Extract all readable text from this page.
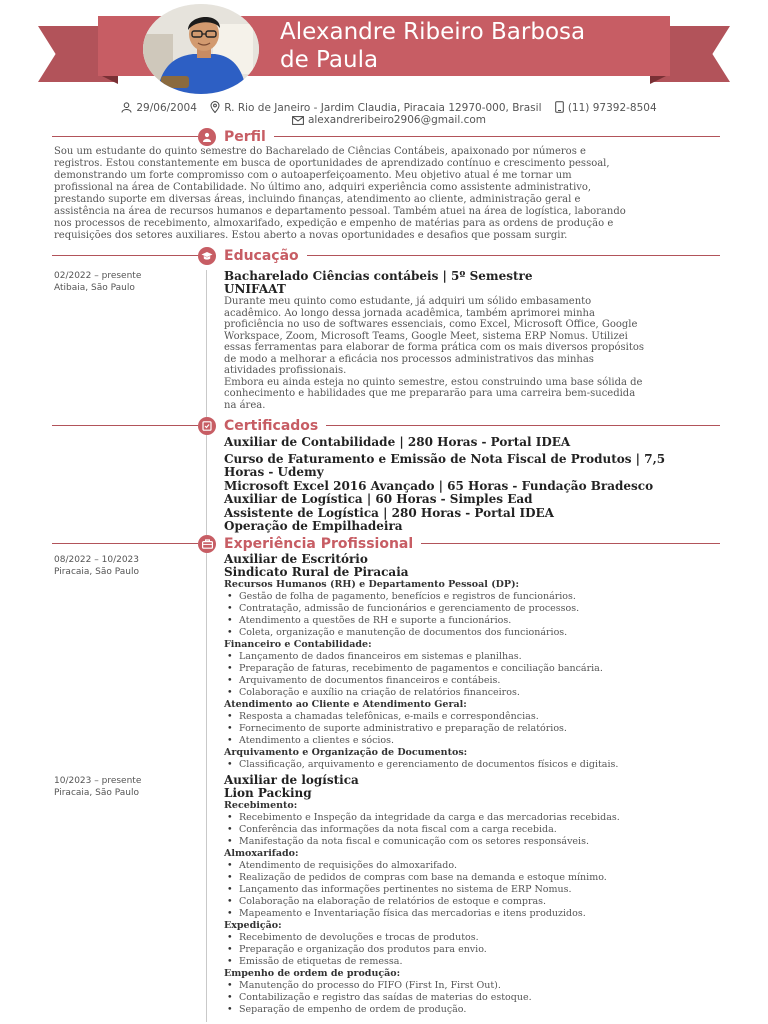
Alexandre Ribeiro Barbosa
de Paula
29/06/2004	R. Rio de Janeiro - Jardim Claudia, Piracaia 12970-000, Brasil	(11) 97392-8504
alexandreribeiro2906@gmail.com
Perfil
Sou um estudante do quinto semestre do Bacharelado de Ciências Contábeis, apaixonado por números e
registros. Estou constantemente em busca de oportunidades de aprendizado contínuo e crescimento pessoal,
demonstrando um forte compromisso com o autoaperfeiçoamento. Meu objetivo atual é me tornar um
profissional na área de Contabilidade. No último ano, adquiri experiência como assistente administrativo,
prestando suporte em diversas áreas, incluindo finanças, atendimento ao cliente, administração geral e
assistência na área de recursos humanos e departamento pessoal. Também atuei na área de logística, laborando
nos processos de recebimento, almoxarifado, expedição e empenho de matérias para as ordens de produção e
requisições dos setores auxiliares. Estou aberto a novas oportunidades e desafios que possam surgir.
Educação
02/2022 – presente
Atibaia, São Paulo
Bacharelado Ciências contábeis | 5º Semestre
UNIFAAT
Durante meu quinto como estudante, já adquiri um sólido embasamento
acadêmico. Ao longo dessa jornada acadêmica, também aprimorei minha
proficiência no uso de softwares essenciais, como Excel, Microsoft Office, Google
Workspace, Zoom, Microsoft Teams, Google Meet, sistema ERP Nomus. Utilizei
essas ferramentas para elaborar de forma prática com os mais diversos propósitos
de modo a melhorar a eficácia nos processos administrativos das minhas
atividades profissionais.
Embora eu ainda esteja no quinto semestre, estou construindo uma base sólida de
conhecimento e habilidades que me prepararão para uma carreira bem-sucedida
na área.
Certificados
Auxiliar de Contabilidade | 280 Horas - Portal IDEA
Curso de Faturamento e Emissão de Nota Fiscal de Produtos | 7,5
Horas - Udemy
Microsoft Excel 2016 Avançado | 65 Horas - Fundação Bradesco
Auxiliar de Logística | 60 Horas - Simples Ead
Assistente de Logística | 280 Horas - Portal IDEA
Operação de Empilhadeira
Experiência Profissional
08/2022 – 10/2023
Piracaia, São Paulo
Auxiliar de Escritório
Sindicato Rural de Piracaia
Recursos Humanos (RH) e Departamento Pessoal (DP):
• Gestão de folha de pagamento, benefícios e registros de funcionários.
• Contratação, admissão de funcionários e gerenciamento de processos.
• Atendimento a questões de RH e suporte a funcionários.
• Coleta, organização e manutenção de documentos dos funcionários.
Financeiro e Contabilidade:
• Lançamento de dados financeiros em sistemas e planilhas.
• Preparação de faturas, recebimento de pagamentos e conciliação bancária.
• Arquivamento de documentos financeiros e contábeis.
• Colaboração e auxílio na criação de relatórios financeiros.
Atendimento ao Cliente e Atendimento Geral:
• Resposta a chamadas telefônicas, e-mails e correspondências.
• Fornecimento de suporte administrativo e preparação de relatórios.
• Atendimento a clientes e sócios.
Arquivamento e Organização de Documentos:
• Classificação, arquivamento e gerenciamento de documentos físicos e digitais.
10/2023 – presente
Piracaia, São Paulo
Auxiliar de logística
Lion Packing
Recebimento:
• Recebimento e Inspeção da integridade da carga e das mercadorias recebidas.
• Conferência das informações da nota fiscal com a carga recebida.
• Manifestação da nota fiscal e comunicação com os setores responsáveis.
Almoxarifado:
• Atendimento de requisições do almoxarifado.
• Realização de pedidos de compras com base na demanda e estoque mínimo.
• Lançamento das informações pertinentes no sistema de ERP Nomus.
• Colaboração na elaboração de relatórios de estoque e compras.
• Mapeamento e Inventariação física das mercadorias e itens produzidos.
Expedição:
• Recebimento de devoluções e trocas de produtos.
• Preparação e organização dos produtos para envio.
• Emissão de etiquetas de remessa.
Empenho de ordem de produção:
• Manutenção do processo do FIFO (First In, First Out).
• Contabilização e registro das saídas de materias do estoque.
• Separação de empenho de ordem de produção.
